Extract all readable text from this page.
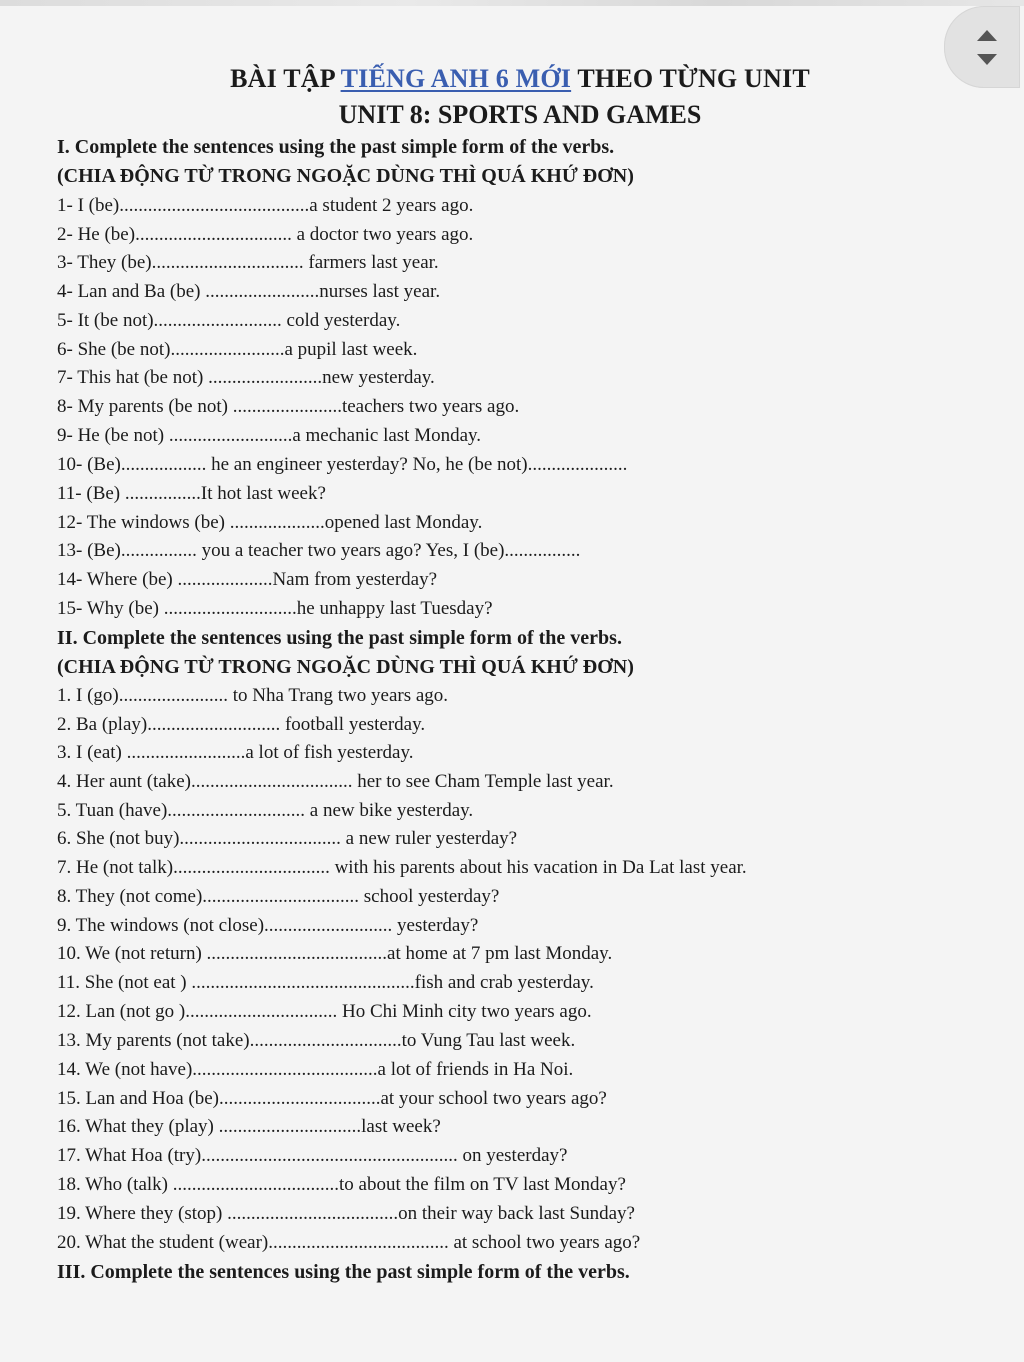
BÀI TẬP TIẾNG ANH 6 MỚI THEO TỪNG UNIT
UNIT 8: SPORTS AND GAMES
I. Complete the sentences using the past simple form of the verbs.
(CHIA ĐỘNG TỪ TRONG NGOẶC DÙNG THÌ QUÁ KHỨ ĐƠN)
1- I (be)........................................a student 2 years ago.
2- He (be)................................. a doctor two years ago.
3- They (be)................................ farmers last year.
4- Lan and Ba (be) ........................nurses last year.
5- It (be not)........................... cold yesterday.
6- She (be not)........................a pupil last week.
7- This hat (be not) ........................new yesterday.
8- My parents (be not) .......................teachers two years ago.
9- He (be not) ..........................a mechanic last Monday.
10- (Be).................. he an engineer yesterday? No, he (be not).....................
11- (Be) ................It hot last week?
12- The windows (be) ....................opened last Monday.
13- (Be)................ you a teacher two years ago? Yes, I (be)................
14- Where (be) ....................Nam from yesterday?
15- Why (be) ............................he unhappy last Tuesday?
II. Complete the sentences using the past simple form of the verbs.
(CHIA ĐỘNG TỪ TRONG NGOẶC DÙNG THÌ QUÁ KHỨ ĐƠN)
1. I (go)....................... to Nha Trang two years ago.
2. Ba (play)............................ football yesterday.
3. I (eat) .........................a lot of fish yesterday.
4. Her aunt (take).................................. her to see Cham Temple last year.
5. Tuan (have)............................. a new bike yesterday.
6. She (not buy).................................. a new ruler yesterday?
7. He (not talk)................................. with his parents about his vacation in Da Lat last year.
8. They (not come)................................. school yesterday?
9. The windows (not close)........................... yesterday?
10. We (not return) ......................................at home at 7 pm last Monday.
11. She (not eat ) ...............................................fish and crab yesterday.
12. Lan (not go )................................ Ho Chi Minh city two years ago.
13. My parents (not take)................................to Vung Tau last week.
14. We (not have).......................................a lot of friends in Ha Noi.
15. Lan and Hoa (be)..................................at your school two years ago?
16. What they (play) ..............................last week?
17. What Hoa (try)...................................................... on yesterday?
18. Who (talk) ...................................to about the film on TV last Monday?
19. Where they (stop) ....................................on their way back last Sunday?
20. What the student (wear)...................................... at school two years ago?
III. Complete the sentences using the past simple form of the verbs.
